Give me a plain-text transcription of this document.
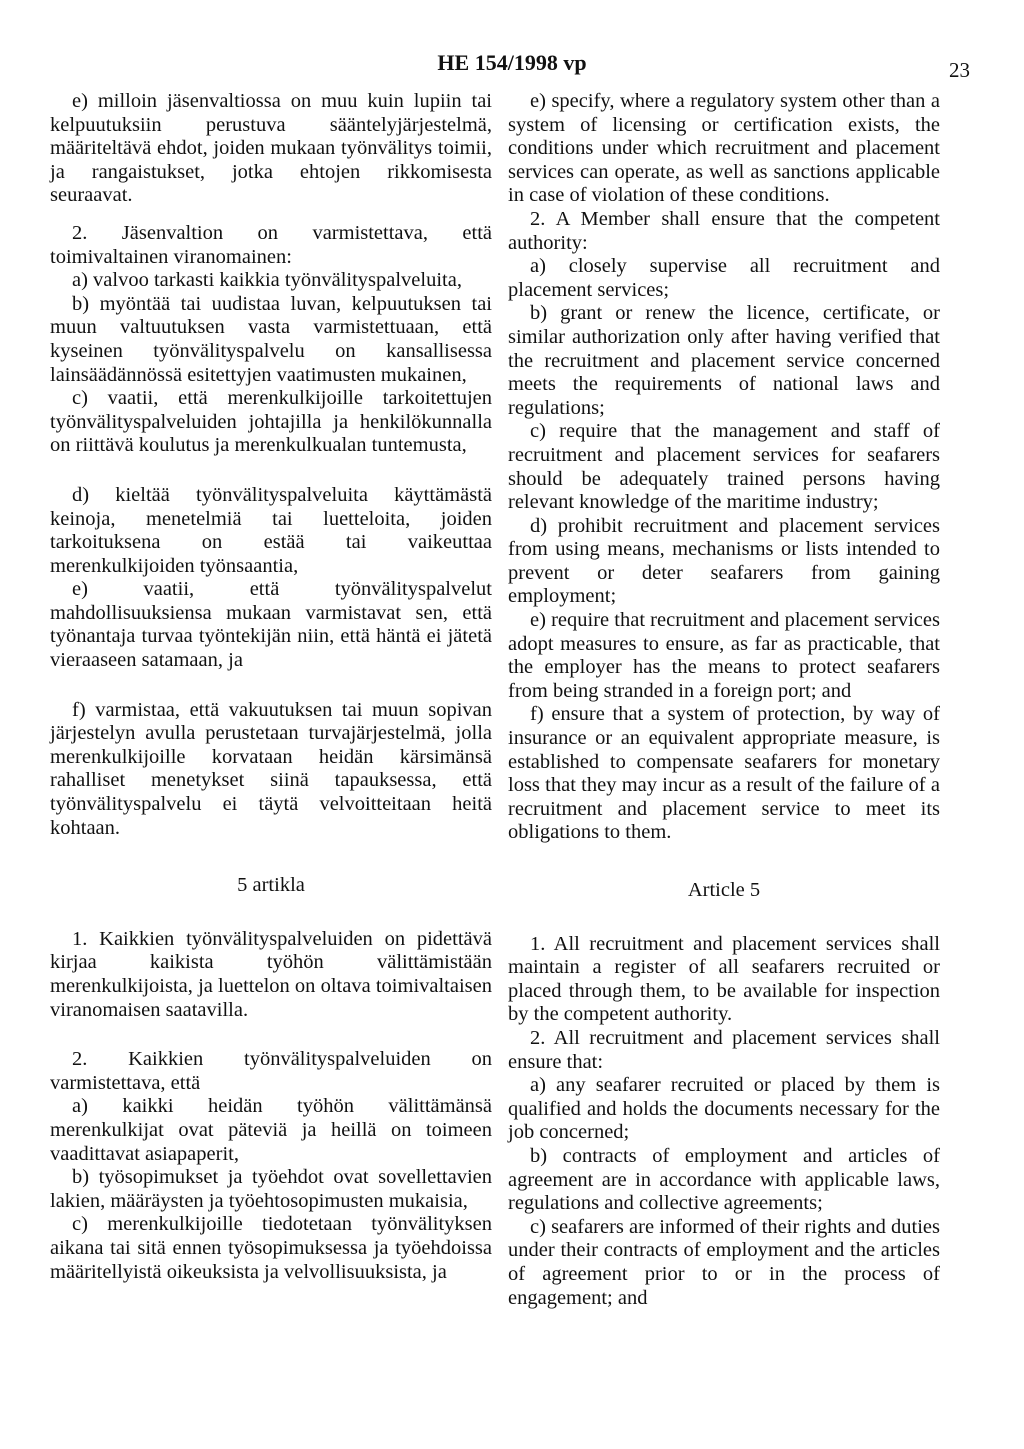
HE 154/1998 vp	23

e) milloin jäsenvaltiossa on muu kuin lupiin tai kelpuutuksiin perustuva sääntelyjärjestelmä, määriteltävä ehdot, joiden mukaan työnvälitys toimii, ja rangaistukset, jotka ehtojen rikkomisesta seuraavat.

2. Jäsenvaltion on varmistettava, että toimivaltainen viranomainen:

a) valvoo tarkasti kaikkia työnvälityspalveluita,

b) myöntää tai uudistaa luvan, kelpuutuksen tai muun valtuutuksen vasta varmistettuaan, että kyseinen työnvälityspalvelu on kansallisessa lainsäädännössä esitettyjen vaatimusten mukainen,

c) vaatii, että merenkulkijoille tarkoitettujen työnvälityspalveluiden johtajilla ja henkilökunnalla on riittävä koulutus ja merenkulkualan tuntemusta,

d) kieltää työnvälityspalveluita käyttämästä keinoja, menetelmiä tai luetteloita, joiden tarkoituksena on estää tai vaikeuttaa merenkulkijoiden työnsaantia,

e) vaatii, että työnvälityspalvelut mahdollisuuksiensa mukaan varmistavat sen, että työnantaja turvaa työntekijän niin, että häntä ei jätetä vieraaseen satamaan, ja

f) varmistaa, että vakuutuksen tai muun sopivan järjestelyn avulla perustetaan turvajärjestelmä, jolla merenkulkijoille korvataan heidän kärsimänsä rahalliset menetykset siinä tapauksessa, että työnvälityspalvelu ei täytä velvoitteitaan heitä kohtaan.

5 artikla

1. Kaikkien työnvälityspalveluiden on pidettävä kirjaa kaikista työhön välittämistään merenkulkijoista, ja luettelon on oltava toimivaltaisen viranomaisen saatavilla.

2. Kaikkien työnvälityspalveluiden on varmistettava, että

a) kaikki heidän työhön välittämänsä merenkulkijat ovat päteviä ja heillä on toimeen vaadittavat asiapaperit,

b) työsopimukset ja työehdot ovat sovellettavien lakien, määräysten ja työehtosopimusten mukaisia,

c) merenkulkijoille tiedotetaan työnvälityksen aikana tai sitä ennen työsopimuksessa ja työehdoissa määritellyistä oikeuksista ja velvollisuuksista, ja

e) specify, where a regulatory system other than a system of licensing or certification exists, the conditions under which recruitment and placement services can operate, as well as sanctions applicable in case of violation of these conditions.

2. A Member shall ensure that the competent authority:

a) closely supervise all recruitment and placement services;

b) grant or renew the licence, certificate, or similar authorization only after having verified that the recruitment and placement service concerned meets the requirements of national laws and regulations;

c) require that the management and staff of recruitment and placement services for seafarers should be adequately trained persons having relevant knowledge of the maritime industry;

d) prohibit recruitment and placement services from using means, mechanisms or lists intended to prevent or deter seafarers from gaining employment;

e) require that recruitment and placement services adopt measures to ensure, as far as practicable, that the employer has the means to protect seafarers from being stranded in a foreign port; and

f) ensure that a system of protection, by way of insurance or an equivalent appropriate measure, is established to compensate seafarers for monetary loss that they may incur as a result of the failure of a recruitment and placement service to meet its obligations to them.

Article 5

1. All recruitment and placement services shall maintain a register of all seafarers recruited or placed through them, to be available for inspection by the competent authority.

2. All recruitment and placement services shall ensure that:

a) any seafarer recruited or placed by them is qualified and holds the documents necessary for the job concerned;

b) contracts of employment and articles of agreement are in accordance with applicable laws, regulations and collective agreements;

c) seafarers are informed of their rights and duties under their contracts of employment and the articles of agreement prior to or in the process of engagement; and
